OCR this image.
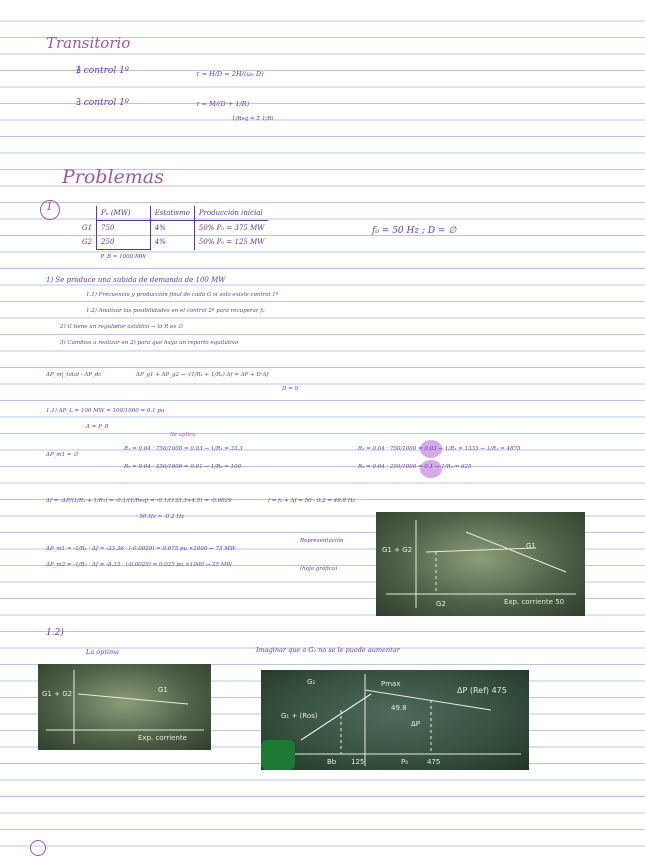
Transitorio
∄ control 1º	τ = H/D = 2H/(ωₛ D)
∃ control 1º	τ = M/(D + 1/R)
1/Req = Σ 1/Ri
Problemas
1
		Pₙ (MW)	Estatismo	Producción inicial
G1	750	4%	50% P₀ = 375 MW
G2	250	4%	50% P₀ = 125 MW
	P_B = 1000 MW		
f₀ = 50 Hz ; D = ∅
1) Se produce una subida de demanda de 100 MW
1.1) Frecuencia y producción final de cada G si solo existe control 1º
1.2) Analizar las posibilidades en el control 2º para recuperar f₀
2) G tiene un regulador astático → la R es ∅
3) Cambios a realizar en 2) para que haya un reparto equitativo
ΔP_m|_total - ΔP_dc	ΔP_g1 + ΔP_g2 → -(1/R₁ + 1/R₂) Δf = ΔP + D·Δf
D = 0
1.1) ΔP_L = 100 MW = 100/1000 = 0.1 pu
Δ = P_B
Se aplica
ΔP_m1 = ∅
R₁ = 0.04 · 750/1000 = 0.03 → 1/R₁ = 33.3
R₂ = 0.04 · 250/1000 = 0.01 → 1/R₂ = 100
R₁ = 0.04 · 750/1000 = 0.03 → 1/R₁ = 1333 → 1/R₁ = 4875
R₂ = 0.04 · 250/1000 = 0.1 → 1/R₂ = 625
Δf = -ΔP/(1/R₁ + 1/R₂) = -0.1/(1/Req) = -0.1/(133.3+4.5) = -0.0029
· 50 Hz ≈ -0.2 Hz
f = f₀ + Δf = 50 - 0.2 = 49.8 Hz
ΔP_m1 = -1/R₁ · Δf = -33.36 · (-0.0029) = 0.075 pu ×1000 → 75 MW
ΔP_m2 = -1/R₂ · Δf = -8.33 · (-0.0029) = 0.025 pu ×1000 → 25 MW
Representación
(hoja gráfica)
G1 + G2
Exp. corriente 50
G1
G2
1.2)
La óptima	Imaginar que a G₂ no se le puede aumentar
G1 + G2
Exp. corriente
G1
G₂
G₁ + (Ros)
Pmax
49.8
ΔP
ΔP (Ref) 475
Bb 125	P₀	475
